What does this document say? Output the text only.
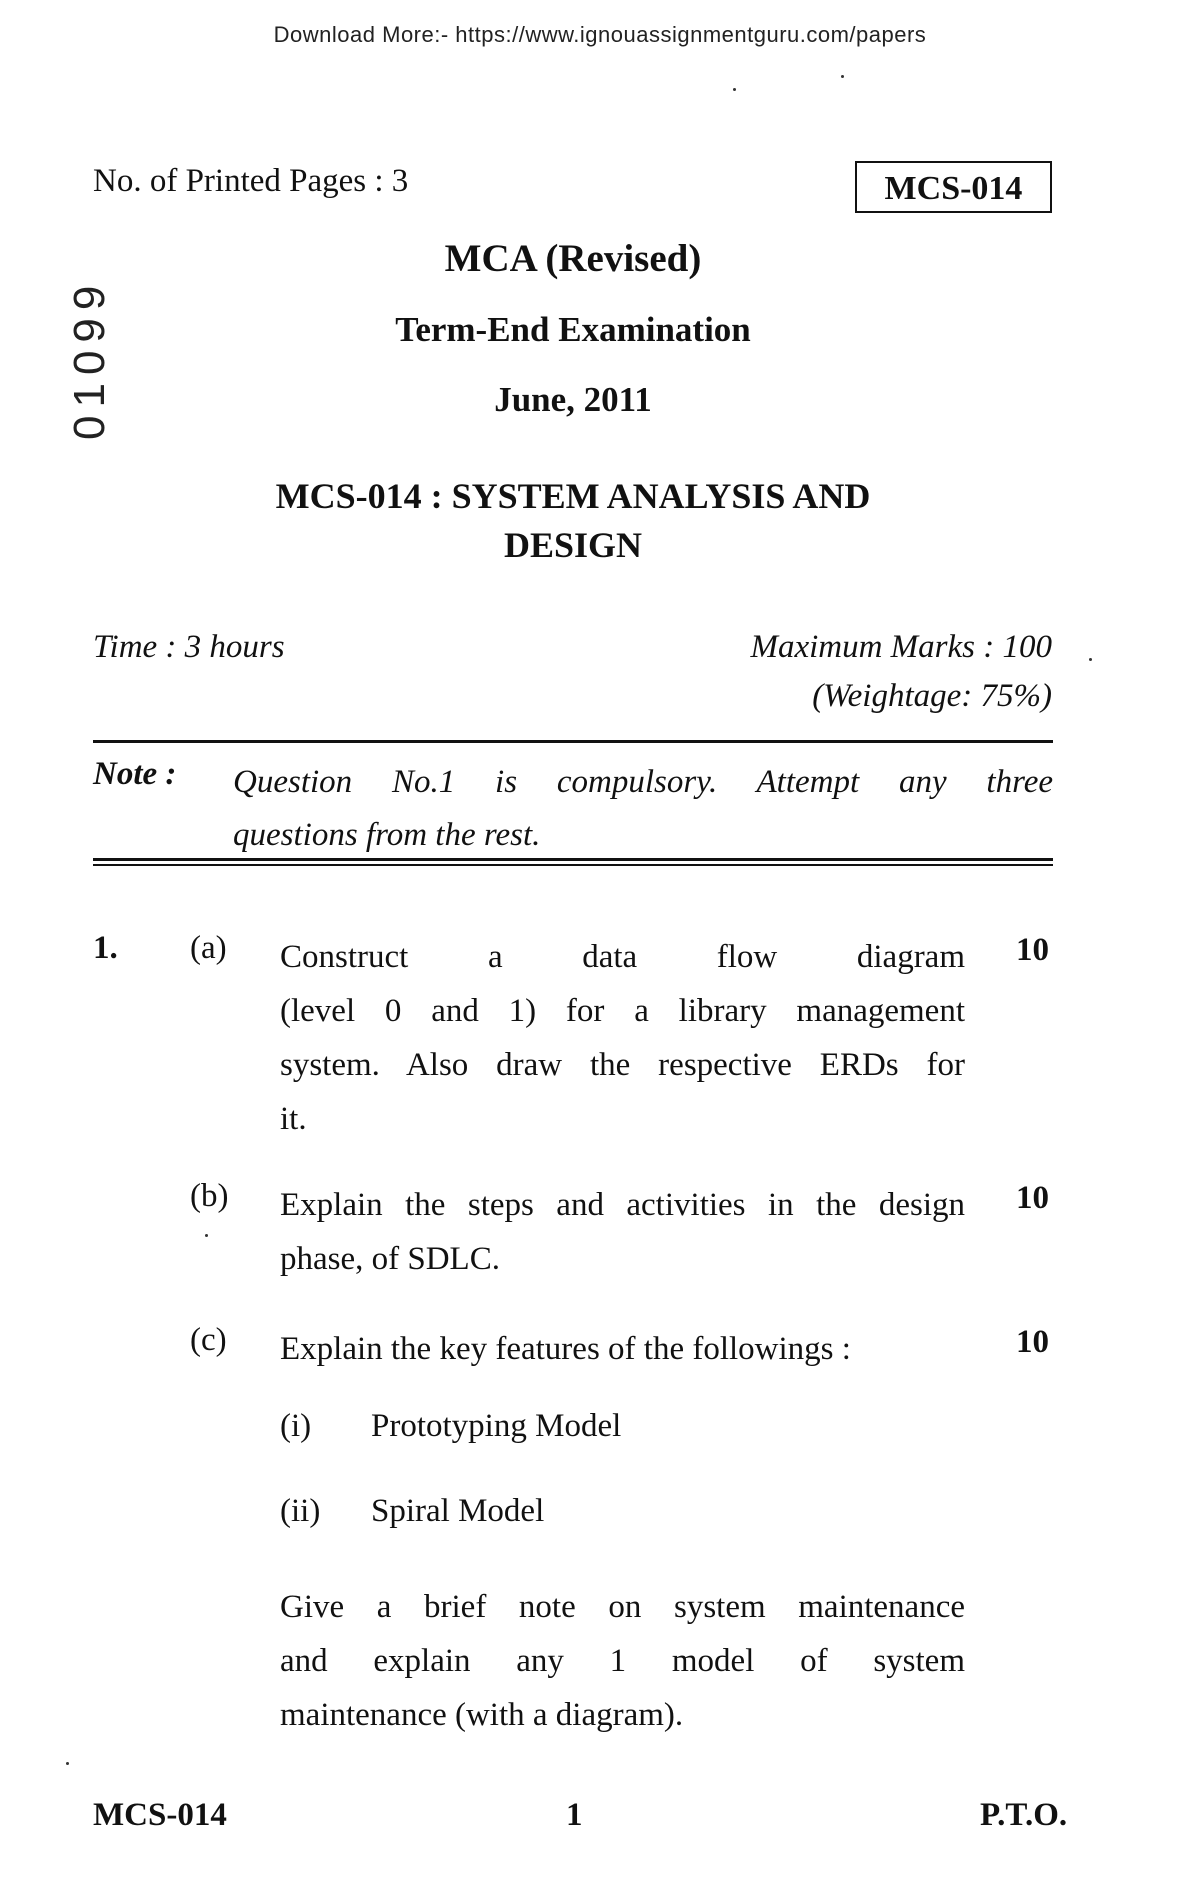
Download More:- https://www.ignouassignmentguru.com/papers
No. of Printed Pages : 3	MCS-014
01099
MCA (Revised)
Term-End Examination
June, 2011
MCS-014 : SYSTEM ANALYSIS AND
DESIGN
Time : 3 hours	Maximum Marks : 100
(Weightage: 75%)
Note : Question No.1 is compulsory. Attempt any three
questions from the rest.
1. (a) Construct a data flow diagram
(level 0 and 1) for a library management
system. Also draw the respective ERDs for
it.
10
(b) Explain the steps and activities in the design
phase, of SDLC.
10
(c) Explain the key features of the followings :	10
(i) Prototyping Model
(ii) Spiral Model
Give a brief note on system maintenance
and explain any 1 model of system
maintenance (with a diagram).
MCS-014	1	P.T.O.
